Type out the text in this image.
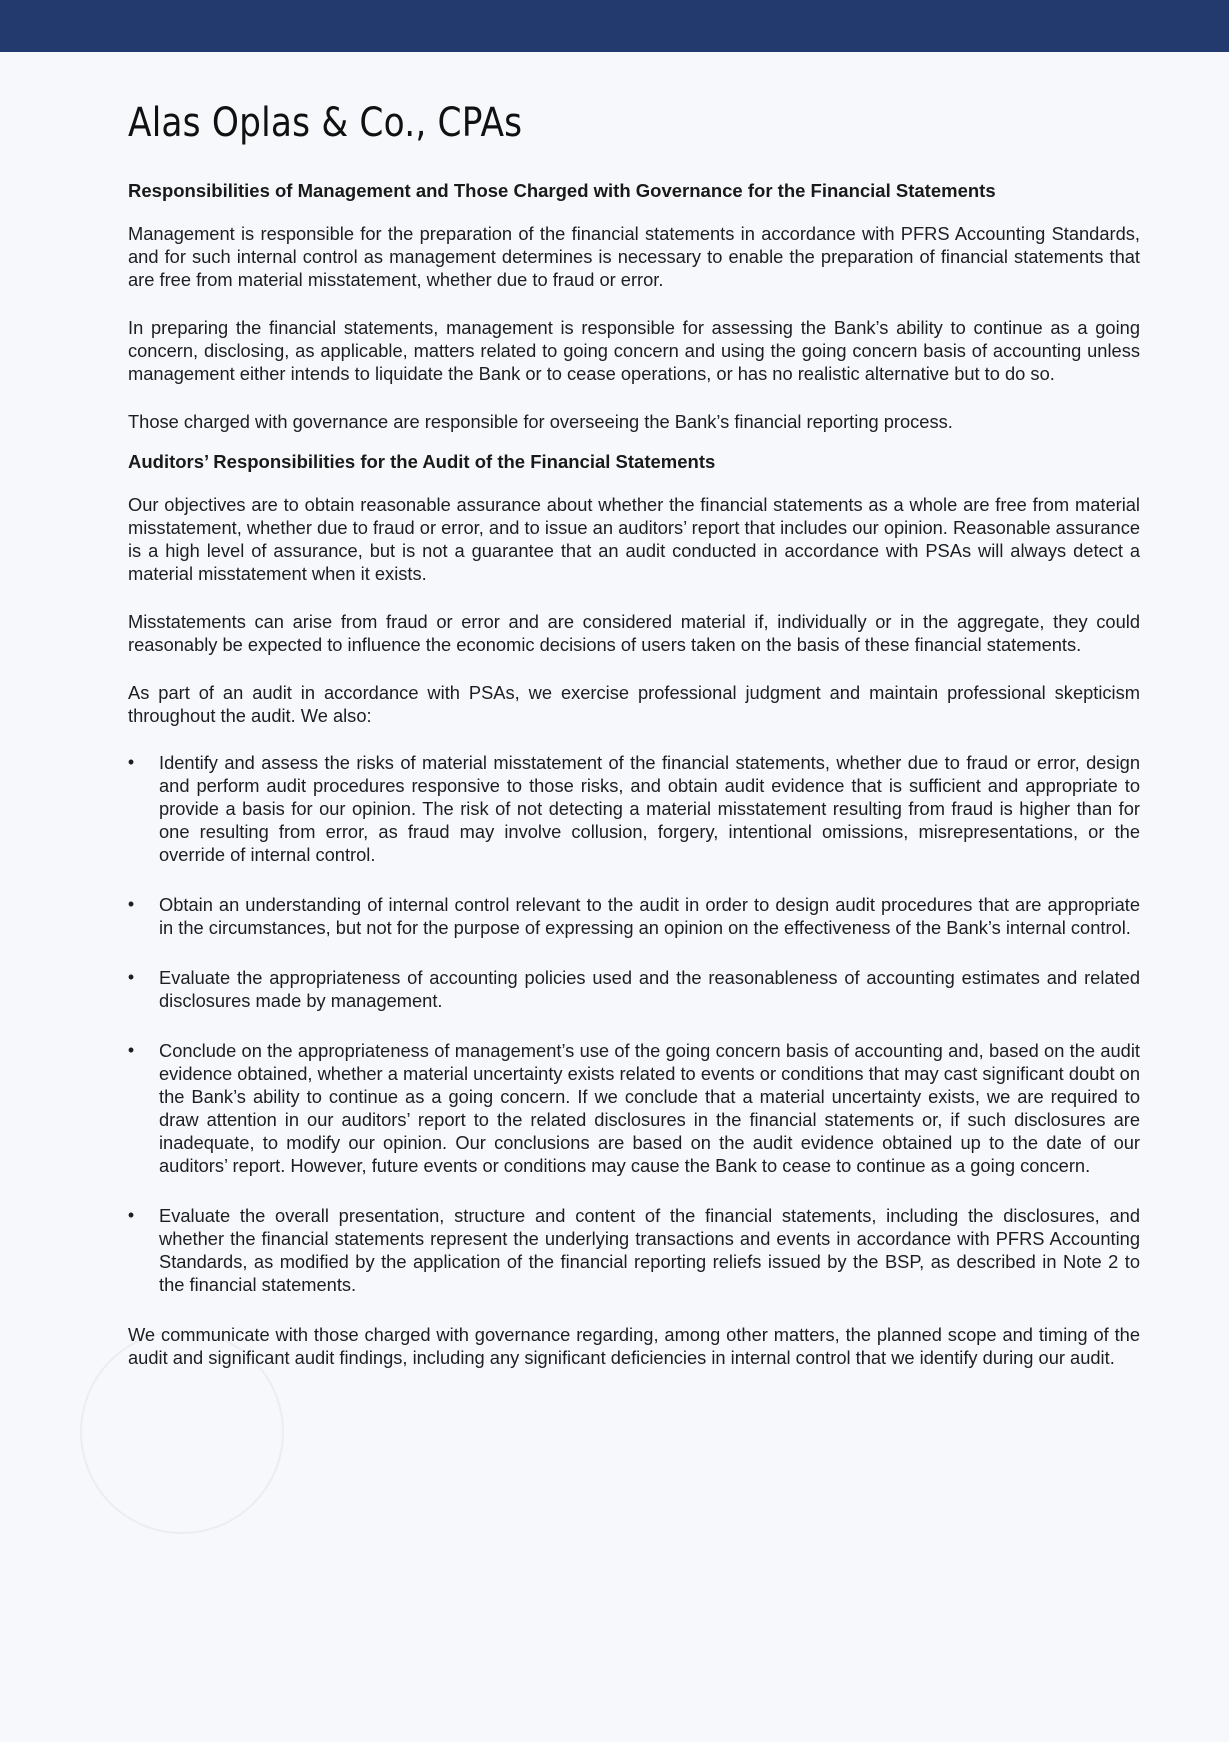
Alas Oplas & Co., CPAs
Responsibilities of Management and Those Charged with Governance for the Financial Statements

Management is responsible for the preparation of the financial statements in accordance with PFRS Accounting Standards, and for such internal control as management determines is necessary to enable the preparation of financial statements that are free from material misstatement, whether due to fraud or error.

In preparing the financial statements, management is responsible for assessing the Bank’s ability to continue as a going concern, disclosing, as applicable, matters related to going concern and using the going concern basis of accounting unless management either intends to liquidate the Bank or to cease operations, or has no realistic alternative but to do so.

Those charged with governance are responsible for overseeing the Bank’s financial reporting process.

Auditors’ Responsibilities for the Audit of the Financial Statements

Our objectives are to obtain reasonable assurance about whether the financial statements as a whole are free from material misstatement, whether due to fraud or error, and to issue an auditors’ report that includes our opinion. Reasonable assurance is a high level of assurance, but is not a guarantee that an audit conducted in accordance with PSAs will always detect a material misstatement when it exists.

Misstatements can arise from fraud or error and are considered material if, individually or in the aggregate, they could reasonably be expected to influence the economic decisions of users taken on the basis of these financial statements.

As part of an audit in accordance with PSAs, we exercise professional judgment and maintain professional skepticism throughout the audit. We also:

• Identify and assess the risks of material misstatement of the financial statements, whether due to fraud or error, design and perform audit procedures responsive to those risks, and obtain audit evidence that is sufficient and appropriate to provide a basis for our opinion. The risk of not detecting a material misstatement resulting from fraud is higher than for one resulting from error, as fraud may involve collusion, forgery, intentional omissions, misrepresentations, or the override of internal control.
• Obtain an understanding of internal control relevant to the audit in order to design audit procedures that are appropriate in the circumstances, but not for the purpose of expressing an opinion on the effectiveness of the Bank’s internal control.
• Evaluate the appropriateness of accounting policies used and the reasonableness of accounting estimates and related disclosures made by management.
• Conclude on the appropriateness of management’s use of the going concern basis of accounting and, based on the audit evidence obtained, whether a material uncertainty exists related to events or conditions that may cast significant doubt on the Bank’s ability to continue as a going concern. If we conclude that a material uncertainty exists, we are required to draw attention in our auditors’ report to the related disclosures in the financial statements or, if such disclosures are inadequate, to modify our opinion. Our conclusions are based on the audit evidence obtained up to the date of our auditors’ report. However, future events or conditions may cause the Bank to cease to continue as a going concern.
• Evaluate the overall presentation, structure and content of the financial statements, including the disclosures, and whether the financial statements represent the underlying transactions and events in accordance with PFRS Accounting Standards, as modified by the application of the financial reporting reliefs issued by the BSP, as described in Note 2 to the financial statements.

We communicate with those charged with governance regarding, among other matters, the planned scope and timing of the audit and significant audit findings, including any significant deficiencies in internal control that we identify during our audit.
